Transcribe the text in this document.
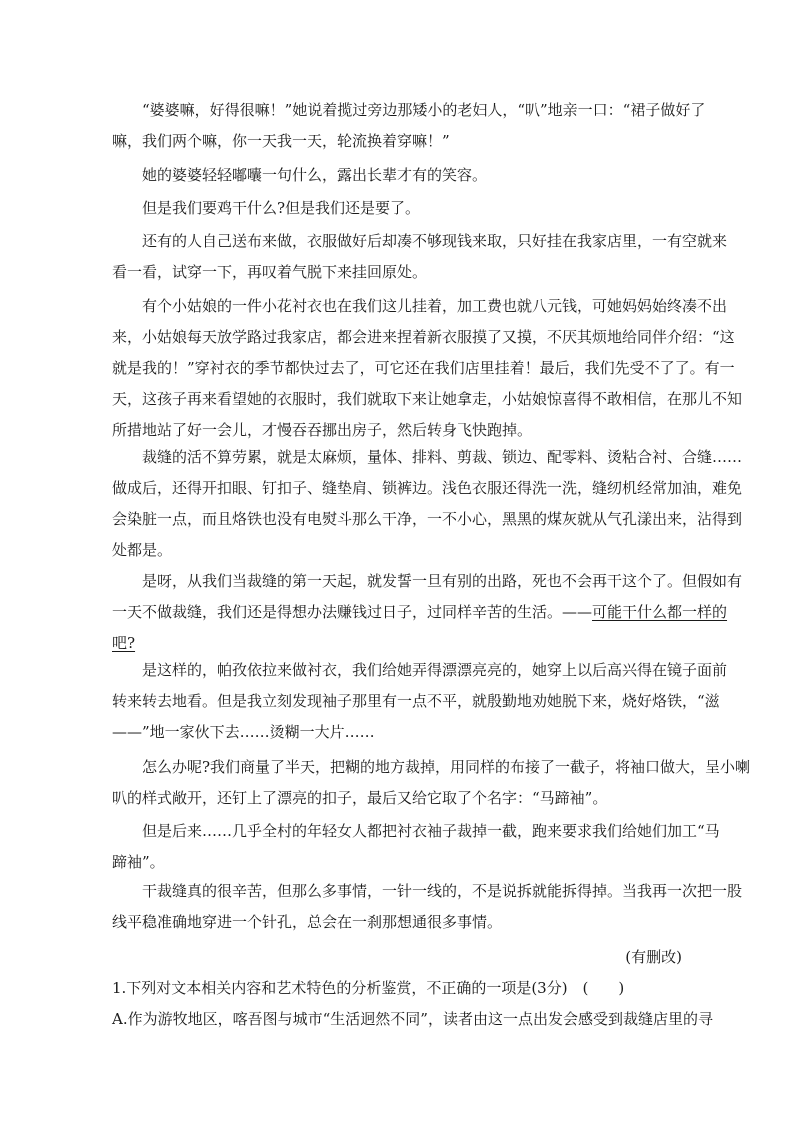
　　“婆婆嘛，好得很嘛！”她说着揽过旁边那矮小的老妇人，“叭”地亲一口：“裙子做好了
嘛，我们两个嘛，你一天我一天，轮流换着穿嘛！”
　　她的婆婆轻轻嘟囔一句什么，露出长辈才有的笑容。
　　但是我们要鸡干什么?但是我们还是要了。
　　还有的人自己送布来做，衣服做好后却凑不够现钱来取，只好挂在我家店里，一有空就来
看一看，试穿一下，再叹着气脱下来挂回原处。
　　有个小姑娘的一件小花衬衣也在我们这儿挂着，加工费也就八元钱，可她妈妈始终凑不出
来，小姑娘每天放学路过我家店，都会进来捏着新衣服摸了又摸，不厌其烦地给同伴介绍：“这
就是我的！”穿衬衣的季节都快过去了，可它还在我们店里挂着！最后，我们先受不了了。有一
天，这孩子再来看望她的衣服时，我们就取下来让她拿走，小姑娘惊喜得不敢相信，在那儿不知
所措地站了好一会儿，才慢吞吞挪出房子，然后转身飞快跑掉。
　　裁缝的活不算劳累，就是太麻烦，量体、排料、剪裁、锁边、配零料、烫粘合衬、合缝……
做成后，还得开扣眼、钉扣子、缝垫肩、锁裤边。浅色衣服还得洗一洗，缝纫机经常加油，难免
会染脏一点，而且烙铁也没有电熨斗那么干净，一不小心，黑黑的煤灰就从气孔漾出来，沾得到
处都是。
　　是呀，从我们当裁缝的第一天起，就发誓一旦有别的出路，死也不会再干这个了。但假如有
一天不做裁缝，我们还是得想办法赚钱过日子，过同样辛苦的生活。——可能干什么都一样的
吧?
　　是这样的，帕孜依拉来做衬衣，我们给她弄得漂漂亮亮的，她穿上以后高兴得在镜子面前
转来转去地看。但是我立刻发现袖子那里有一点不平，就殷勤地劝她脱下来，烧好烙铁，“滋
——”地一家伙下去……烫糊一大片……
　　怎么办呢?我们商量了半天，把糊的地方裁掉，用同样的布接了一截子，将袖口做大，呈小喇
叭的样式敞开，还钉上了漂亮的扣子，最后又给它取了个名字：“马蹄袖”。
　　但是后来……几乎全村的年轻女人都把衬衣袖子裁掉一截，跑来要求我们给她们加工“马
蹄袖”。
　　干裁缝真的很辛苦，但那么多事情，一针一线的，不是说拆就能拆得掉。当我再一次把一股
线平稳准确地穿进一个针孔，总会在一刹那想通很多事情。
(有删改)
1.下列对文本相关内容和艺术特色的分析鉴赏，不正确的一项是(3分)　(　　)
A.作为游牧地区，喀吾图与城市“生活迥然不同”，读者由这一点出发会感受到裁缝店里的寻
